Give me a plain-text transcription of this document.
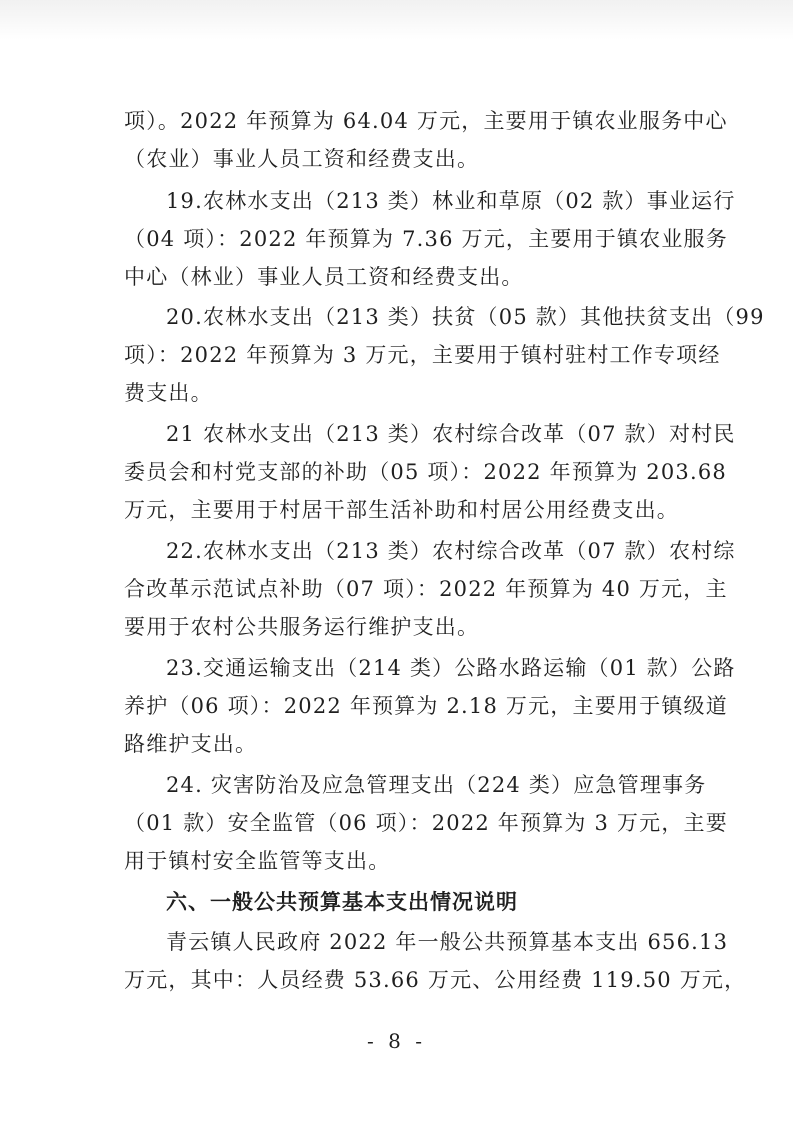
项）。2022 年预算为 64.04 万元，主要用于镇农业服务中心
（农业）事业人员工资和经费支出。
19.农林水支出（213 类）林业和草原（02 款）事业运行
（04 项）：2022 年预算为 7.36 万元，主要用于镇农业服务
中心（林业）事业人员工资和经费支出。
20.农林水支出（213 类）扶贫（05 款）其他扶贫支出（99
项）：2022 年预算为 3 万元，主要用于镇村驻村工作专项经
费支出。
21 农林水支出（213 类）农村综合改革（07 款）对村民
委员会和村党支部的补助（05 项）：2022 年预算为 203.68
万元，主要用于村居干部生活补助和村居公用经费支出。
22.农林水支出（213 类）农村综合改革（07 款）农村综
合改革示范试点补助（07 项）：2022 年预算为 40 万元，主
要用于农村公共服务运行维护支出。
23.交通运输支出（214 类）公路水路运输（01 款）公路
养护（06 项）：2022 年预算为 2.18 万元，主要用于镇级道
路维护支出。
24. 灾害防治及应急管理支出（224 类）应急管理事务
（01 款）安全监管（06 项）：2022 年预算为 3 万元，主要
用于镇村安全监管等支出。
六、一般公共预算基本支出情况说明
青云镇人民政府 2022 年一般公共预算基本支出 656.13
万元，其中：人员经费 53.66 万元、公用经费 119.50 万元，
- 8 -
